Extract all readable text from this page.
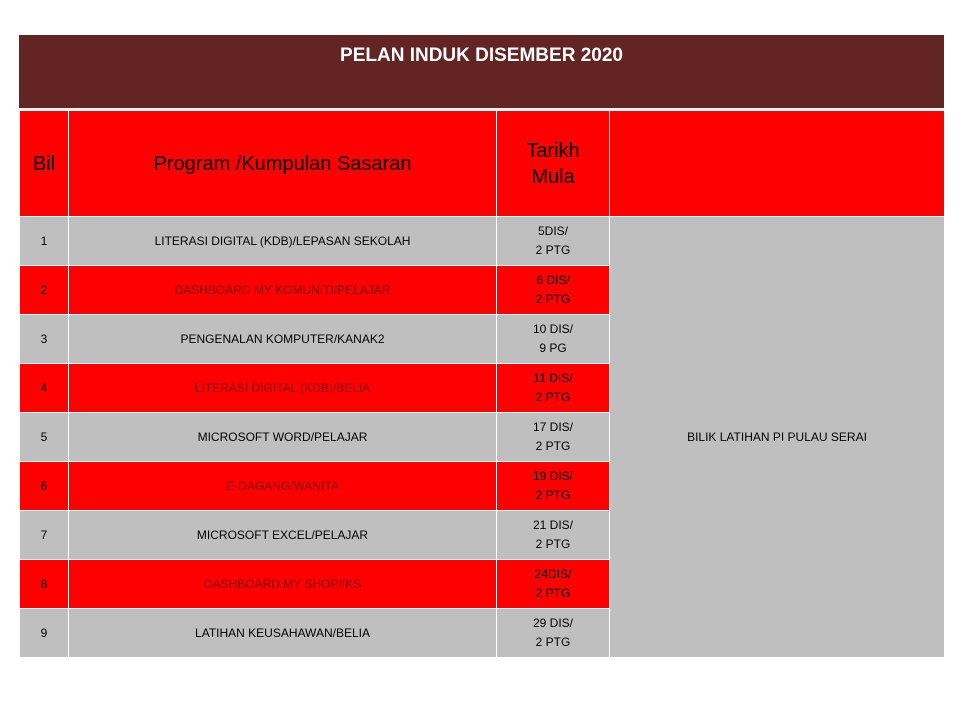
PELAN INDUK DISEMBER 2020
Bil	Program /Kumpulan Sasaran	Tarikh
Mula	

1	LITERASI DIGITAL (KDB)/LEPASAN SEKOLAH	5DIS/
2 PTG	BILIK LATIHAN PI PULAU SERAI
2	DASHBOARD MY KOMUNITI/PELAJAR	6 DIS/
2 PTG	

3	PENGENALAN KOMPUTER/KANAK2	10 DIS/
9 PG	

4	LITERASI DIGITAL (KDB)/BELIA	11 DIS/
2 PTG	

5	MICROSOFT WORD/PELAJAR	17 DIS/
2 PTG	

6	E-DAGANG/WANITA	19 DIS/
2 PTG	

7	MICROSOFT EXCEL/PELAJAR	21 DIS/
2 PTG	

8	DASHBOARD MY SHOP/IKS	24DIS/
2 PTG	

9	LATIHAN KEUSAHAWAN/BELIA	29 DIS/
2 PTG	
